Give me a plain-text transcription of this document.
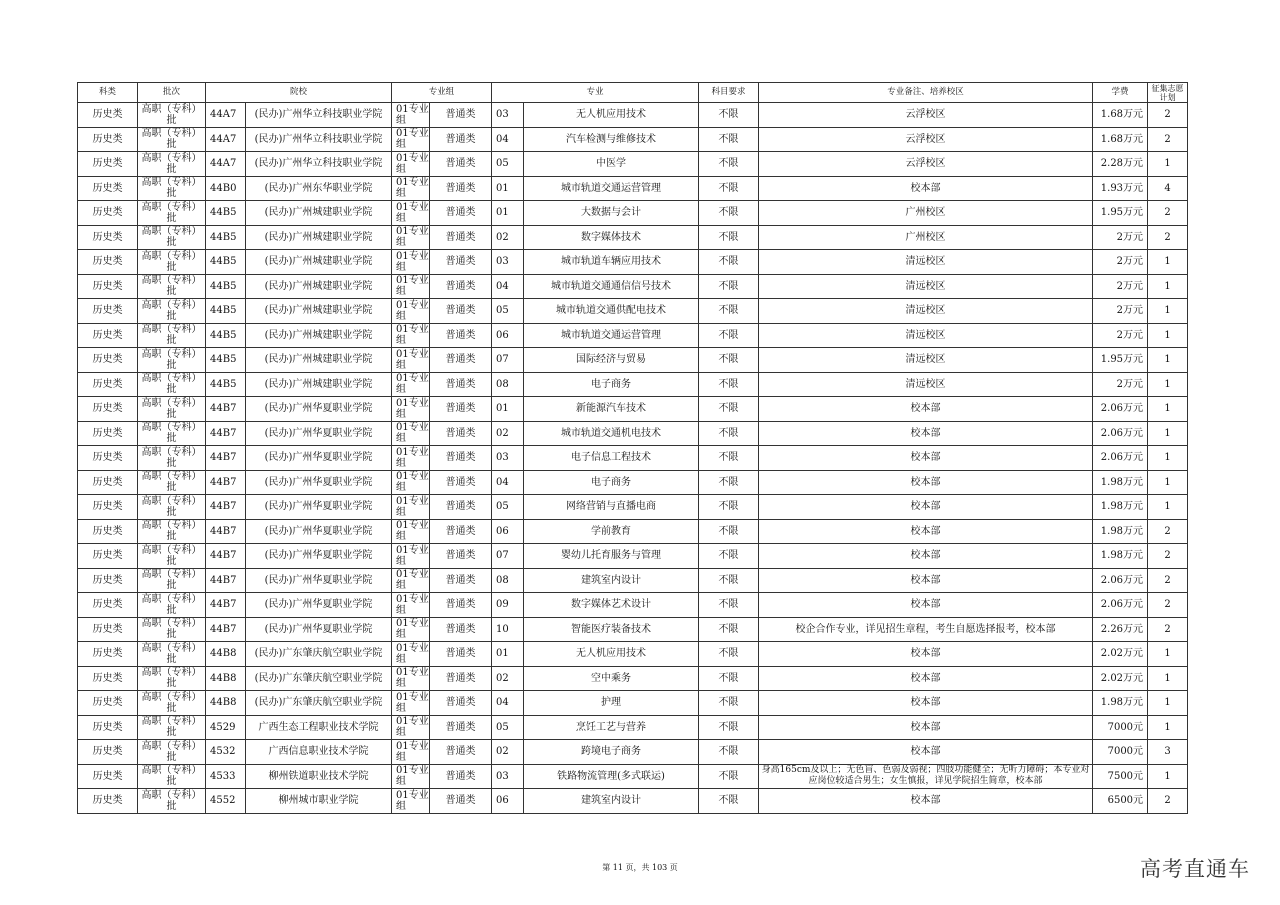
科类	批次	院校		专业组		专业		科目要求	专业备注、培养校区	学费	征集志愿计划
历史类	高职（专科）批	44A7	(民办)广州华立科技职业学院	01专业组	普通类	03	无人机应用技术	不限	云浮校区	1.68万元	2
历史类	高职（专科）批	44A7	(民办)广州华立科技职业学院	01专业组	普通类	04	汽车检测与维修技术	不限	云浮校区	1.68万元	2
历史类	高职（专科）批	44A7	(民办)广州华立科技职业学院	01专业组	普通类	05	中医学	不限	云浮校区	2.28万元	1
历史类	高职（专科）批	44B0	(民办)广州东华职业学院	01专业组	普通类	01	城市轨道交通运营管理	不限	校本部	1.93万元	4
历史类	高职（专科）批	44B5	(民办)广州城建职业学院	01专业组	普通类	01	大数据与会计	不限	广州校区	1.95万元	2
历史类	高职（专科）批	44B5	(民办)广州城建职业学院	01专业组	普通类	02	数字媒体技术	不限	广州校区	2万元	2
历史类	高职（专科）批	44B5	(民办)广州城建职业学院	01专业组	普通类	03	城市轨道车辆应用技术	不限	清远校区	2万元	1
历史类	高职（专科）批	44B5	(民办)广州城建职业学院	01专业组	普通类	04	城市轨道交通通信信号技术	不限	清远校区	2万元	1
历史类	高职（专科）批	44B5	(民办)广州城建职业学院	01专业组	普通类	05	城市轨道交通供配电技术	不限	清远校区	2万元	1
历史类	高职（专科）批	44B5	(民办)广州城建职业学院	01专业组	普通类	06	城市轨道交通运营管理	不限	清远校区	2万元	1
历史类	高职（专科）批	44B5	(民办)广州城建职业学院	01专业组	普通类	07	国际经济与贸易	不限	清远校区	1.95万元	1
历史类	高职（专科）批	44B5	(民办)广州城建职业学院	01专业组	普通类	08	电子商务	不限	清远校区	2万元	1
历史类	高职（专科）批	44B7	(民办)广州华夏职业学院	01专业组	普通类	01	新能源汽车技术	不限	校本部	2.06万元	1
历史类	高职（专科）批	44B7	(民办)广州华夏职业学院	01专业组	普通类	02	城市轨道交通机电技术	不限	校本部	2.06万元	1
历史类	高职（专科）批	44B7	(民办)广州华夏职业学院	01专业组	普通类	03	电子信息工程技术	不限	校本部	2.06万元	1
历史类	高职（专科）批	44B7	(民办)广州华夏职业学院	01专业组	普通类	04	电子商务	不限	校本部	1.98万元	1
历史类	高职（专科）批	44B7	(民办)广州华夏职业学院	01专业组	普通类	05	网络营销与直播电商	不限	校本部	1.98万元	1
历史类	高职（专科）批	44B7	(民办)广州华夏职业学院	01专业组	普通类	06	学前教育	不限	校本部	1.98万元	2
历史类	高职（专科）批	44B7	(民办)广州华夏职业学院	01专业组	普通类	07	婴幼儿托育服务与管理	不限	校本部	1.98万元	2
历史类	高职（专科）批	44B7	(民办)广州华夏职业学院	01专业组	普通类	08	建筑室内设计	不限	校本部	2.06万元	2
历史类	高职（专科）批	44B7	(民办)广州华夏职业学院	01专业组	普通类	09	数字媒体艺术设计	不限	校本部	2.06万元	2
历史类	高职（专科）批	44B7	(民办)广州华夏职业学院	01专业组	普通类	10	智能医疗装备技术	不限	校企合作专业，详见招生章程，考生自愿选择报考，校本部	2.26万元	2
历史类	高职（专科）批	44B8	(民办)广东肇庆航空职业学院	01专业组	普通类	01	无人机应用技术	不限	校本部	2.02万元	1
历史类	高职（专科）批	44B8	(民办)广东肇庆航空职业学院	01专业组	普通类	02	空中乘务	不限	校本部	2.02万元	1
历史类	高职（专科）批	44B8	(民办)广东肇庆航空职业学院	01专业组	普通类	04	护理	不限	校本部	1.98万元	1
历史类	高职（专科）批	4529	广西生态工程职业技术学院	01专业组	普通类	05	烹饪工艺与营养	不限	校本部	7000元	1
历史类	高职（专科）批	4532	广西信息职业技术学院	01专业组	普通类	02	跨境电子商务	不限	校本部	7000元	3
历史类	高职（专科）批	4533	柳州铁道职业技术学院	01专业组	普通类	03	铁路物流管理(多式联运)	不限	身高165cm及以上；无色盲、色弱及弱视；四肢功能健全；无听力障碍；本专业对应岗位较适合男生；女生慎报，详见学院招生简章，校本部	7500元	1
历史类	高职（专科）批	4552	柳州城市职业学院	01专业组	普通类	06	建筑室内设计	不限	校本部	6500元	2
第 11 页，共 103 页	高考直通车
